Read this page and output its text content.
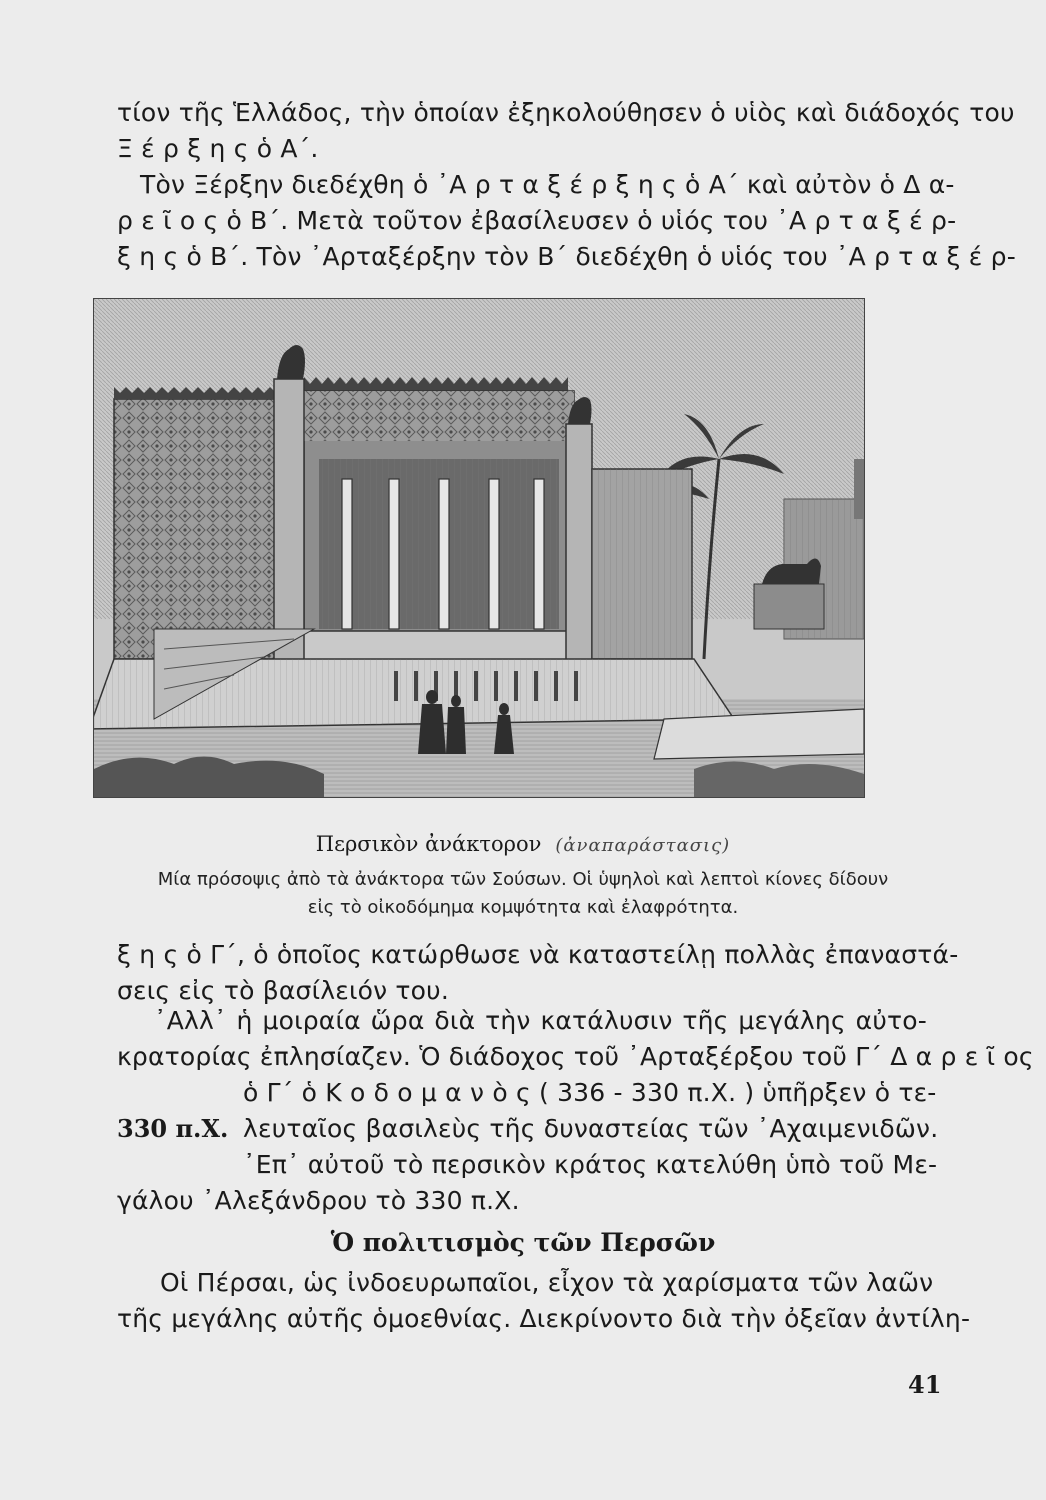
τίον τῆς Ἑλλάδος, τὴν ὁποίαν ἐξηκολούθησεν ὁ υἱὸς καὶ διάδοχός του
Ξ έ ρ ξ η ς ὁ Α΄.
Τὸν Ξέρξην διεδέχθη ὁ ᾽Α ρ τ α ξ έ ρ ξ η ς ὁ Α΄ καὶ αὐτὸν ὁ Δ α-
ρ ε ῖ ο ς ὁ Β΄. Μετὰ τοῦτον ἐβασίλευσεν ὁ υἱός του ᾽Α ρ τ α ξ έ ρ-
ξ η ς ὁ Β΄. Τὸν ᾽Αρταξέρξην τὸν Β΄ διεδέχθη ὁ υἱός του ᾽Α ρ τ α ξ έ ρ-
Περσικὸν ἀνάκτορον (ἀναπαράστασις)
Μία πρόσοψις ἀπὸ τὰ ἀνάκτορα τῶν Σούσων. Οἱ ὑψηλοὶ καὶ λεπτοὶ κίονες δίδουν
εἰς τὸ οἰκοδόμημα κομψότητα καὶ ἐλαφρότητα.
ξ η ς ὁ Γ΄, ὁ ὁποῖος κατώρθωσε νὰ καταστείλῃ πολλὰς ἐπαναστά-
σεις εἰς τὸ βασίλειόν του.
᾽Αλλ᾽ ἡ μοιραία ὥρα διὰ τὴν κατάλυσιν τῆς μεγάλης αὐτο-
κρατορίας ἐπλησίαζεν. Ὁ διάδοχος τοῦ ᾽Αρταξέρξου τοῦ Γ΄ Δ α ρ ε ῖ ος
ὁ Γ΄ ὁ Κ ο δ ο μ α ν ὸ ς ( 336 - 330 π.Χ. ) ὑπῆρξεν ὁ τε-
330 π.Χ. λευταῖος βασιλεὺς τῆς δυναστείας τῶν ᾽Αχαιμενιδῶν.
᾽Επ᾽ αὐτοῦ τὸ περσικὸν κράτος κατελύθη ὑπὸ τοῦ Με-
γάλου ᾽Αλεξάνδρου τὸ 330 π.Χ.
Ὁ πολιτισμὸς τῶν Περσῶν
Οἱ Πέρσαι, ὡς ἰνδοευρωπαῖοι, εἶχον τὰ χαρίσματα τῶν λαῶν
τῆς μεγάλης αὐτῆς ὁμοεθνίας. Διεκρίνοντο διὰ τὴν ὀξεῖαν ἀντίλη-
41
